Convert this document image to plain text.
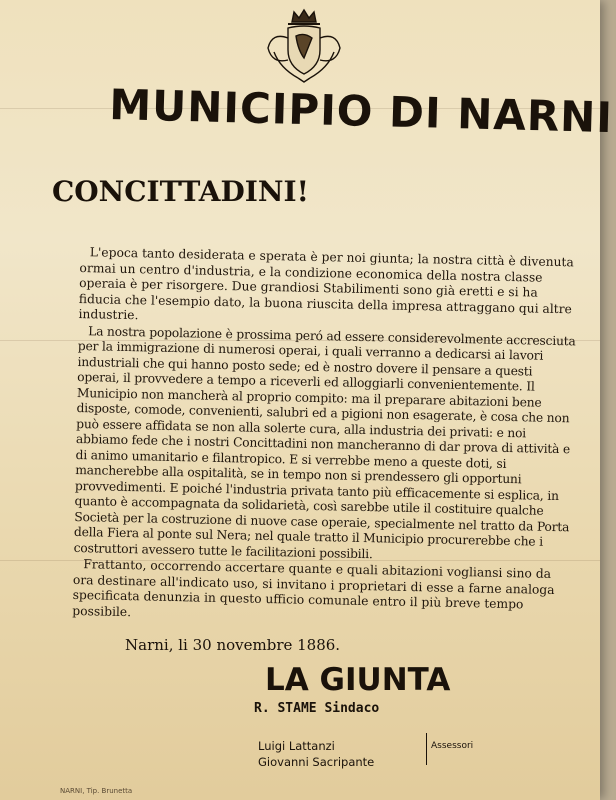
MUNICIPIO DI NARNI
CONCITTADINI!

L'epoca tanto desiderata e sperata è per noi giunta; la nostra città è divenuta ormai un centro d'industria, e la condizione economica della nostra classe operaia è per risorgere. Due grandiosi Stabilimenti sono già eretti e si ha fiducia che l'esempio dato, la buona riuscita della impresa attraggano qui altre industrie.

La nostra popolazione è prossima peró ad essere considerevolmente accresciuta per la immigrazione di numerosi operai, i quali verranno a dedicarsi ai lavori industriali che qui hanno posto sede; ed è nostro dovere il pensare a questi operai, il provvedere a tempo a riceverli ed alloggiarli convenientemente. Il Municipio non mancherà al proprio compito: ma il preparare abitazioni bene disposte, comode, convenienti, salubri ed a pigioni non esagerate, è cosa che non può essere affidata se non alla solerte cura, alla industria dei privati: e noi abbiamo fede che i nostri Concittadini non mancheranno di dar prova di attività e di animo umanitario e filantropico. E si verrebbe meno a queste doti, si mancherebbe alla ospitalità, se in tempo non si prendessero gli opportuni provvedimenti. E poiché l'industria privata tanto più efficacemente si esplica, in quanto è accompagnata da solidarietà, così sarebbe utile il costituire qualche Società per la costruzione di nuove case operaie, specialmente nel tratto da Porta della Fiera al ponte sul Nera; nel quale tratto il Municipio procurerebbe che i costruttori avessero tutte le facilitazioni possibili.

Frattanto, occorrendo accertare quante e quali abitazioni vogliansi sino da ora destinare all'indicato uso, si invitano i proprietari di esse a farne analoga specificata denunzia in questo ufficio comunale entro il più breve tempo possibile.

Narni, li 30 novembre 1886.
LA GIUNTA
R. STAME Sindaco
Luigi Lattanzi
Giovanni Sacripante
Assessori
NARNI, Tip. Brunetta
